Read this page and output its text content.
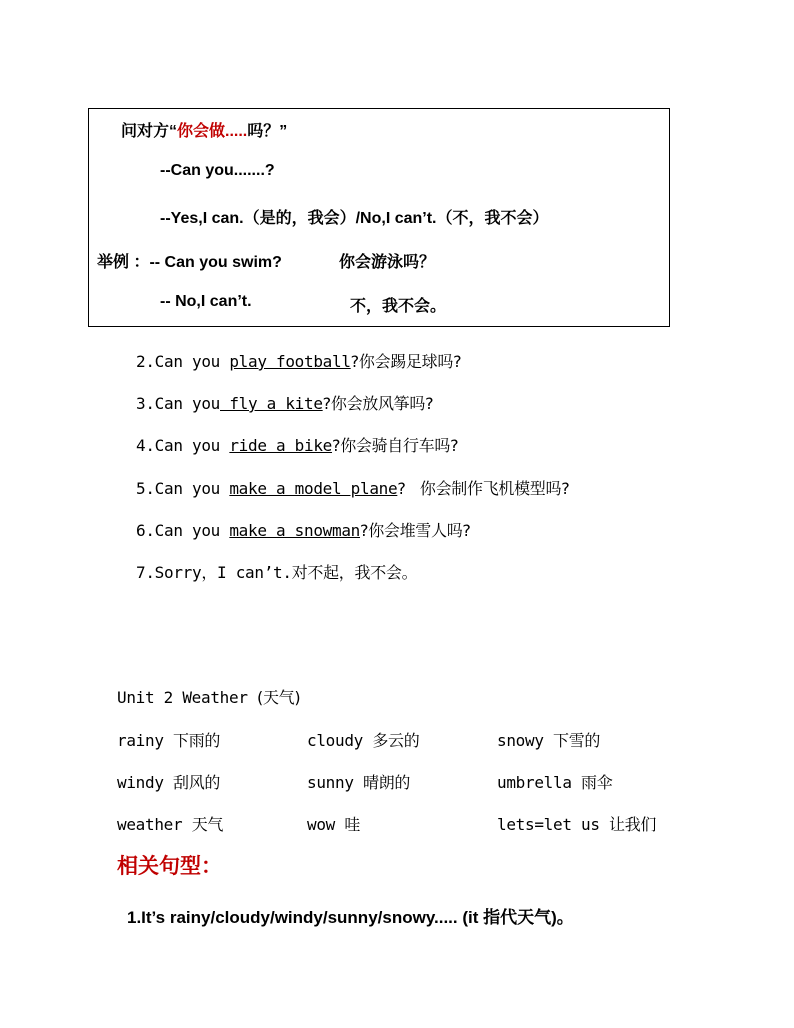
问对方“你会做.....吗？”
--Can you.......?
--Yes,I can.（是的，我会）/No,I can’t.（不，我不会）
举例 ：-- Can you swim?	你会游泳吗？
-- No,I can’t.	不，我不会。
2.Can you play football?你会踢足球吗?
3.Can you fly a kite?你会放风筝吗?
4.Can you ride a bike?你会骑自行车吗?
5.Can you make a model plane?   你会制作飞机模型吗?
6.Can you make a snowman?你会堆雪人吗?
7.Sorry，I can’t.对不起，我不会。
Unit 2 Weather (天气)
rainy 下雨的	cloudy 多云的	snowy 下雪的
windy 刮风的	sunny 晴朗的	umbrella 雨伞
weather 天气	wow 哇	lets=let us 让我们
相关句型：
1.It’s rainy/cloudy/windy/sunny/snowy..... (it 指代天气)。
